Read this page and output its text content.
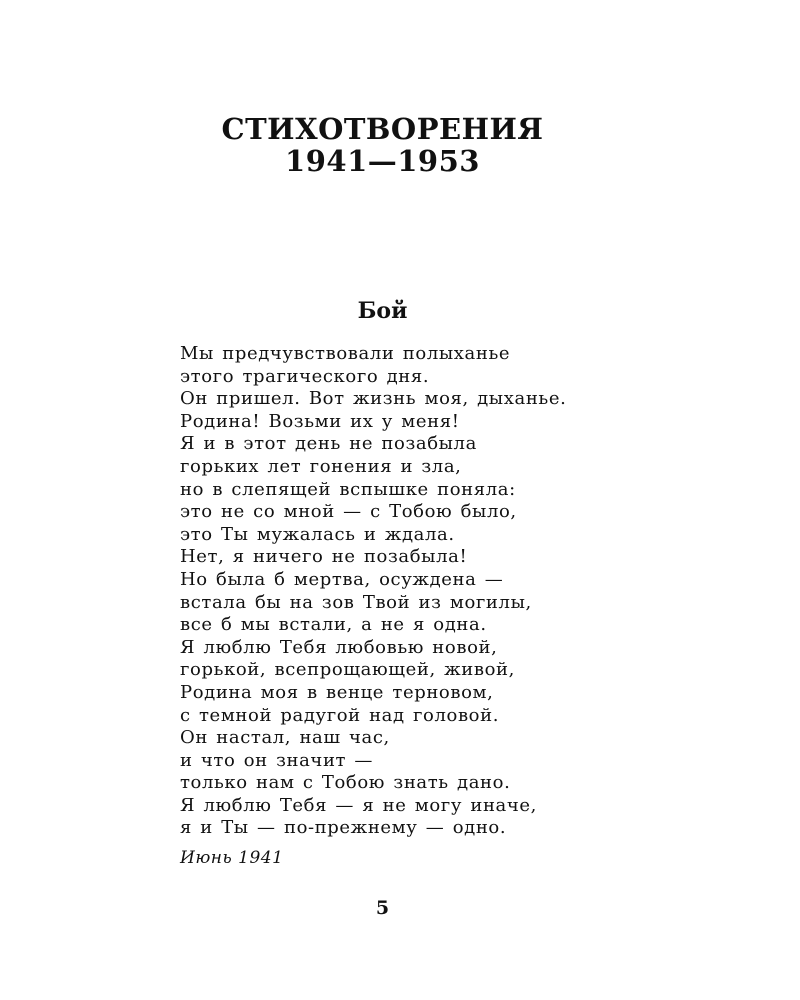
СТИХОТВОРЕНИЯ
1941—1953
Бой
Мы предчувствовали полыханье
этого трагического дня.
Он пришел. Вот жизнь моя, дыханье.
Родина! Возьми их у меня!
Я и в этот день не позабыла
горьких лет гонения и зла,
но в слепящей вспышке поняла:
это не со мной — с Тобою было,
это Ты мужалась и ждала.
Нет, я ничего не позабыла!
Но была б мертва, осуждена —
встала бы на зов Твой из могилы,
все б мы встали, а не я одна.
Я люблю Тебя любовью новой,
горькой, всепрощающей, живой,
Родина моя в венце терновом,
с темной радугой над головой.
Он настал, наш час,
и что он значит —
только нам с Тобою знать дано.
Я люблю Тебя — я не могу иначе,
я и Ты — по-прежнему — одно.
Июнь 1941
5
